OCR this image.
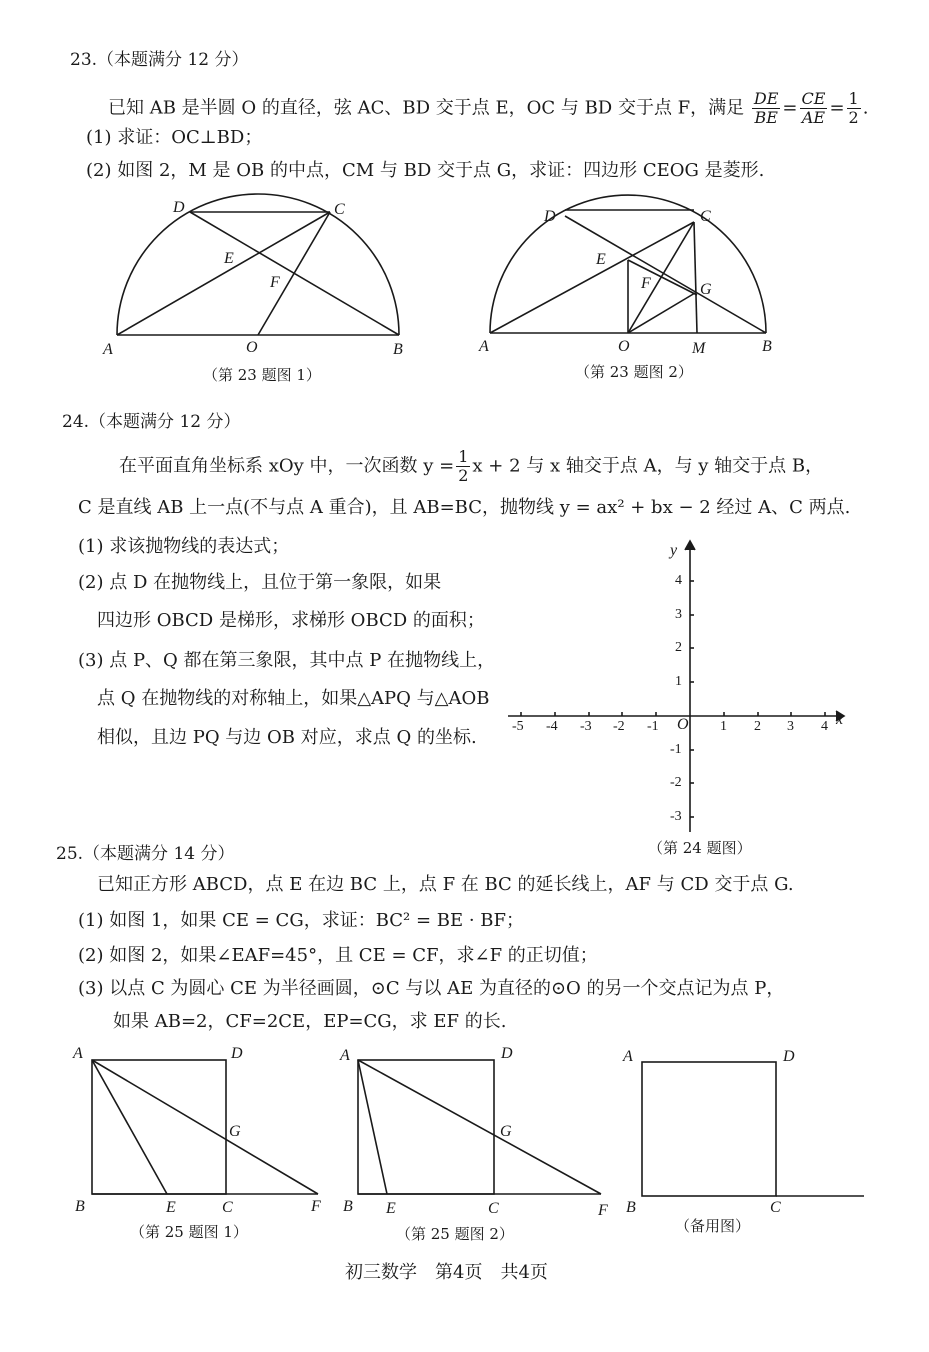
23.（本题满分 12 分）
已知 AB 是半圆 O 的直径，弦 AC、BD 交于点 E，OC 与 BD 交于点 F，满足 $\frac{DE}{BE} = \frac{CE}{AE} = \frac{1}{2}$ .
(1) 求证：OC⊥BD；
(2) 如图 2，M 是 OB 的中点，CM 与 BD 交于点 G，求证：四边形 CEOG 是菱形.
D	C
E
F
A	O	B
（第 23 题图 1）
D	C
E
F	G
A	O	M	B
（第 23 题图 2）
24.（本题满分 12 分）
在平面直角坐标系 xOy 中，一次函数 $y = \frac{1}{2}$ x + 2 与 x 轴交于点 A，与 y 轴交于点 B，
C 是直线 AB 上一点(不与点 A 重合)，且 AB=BC，抛物线 y = ax² + bx − 2 经过 A、C 两点.
(1) 求该抛物线的表达式；
(2) 点 D 在抛物线上，且位于第一象限，如果
四边形 OBCD 是梯形，求梯形 OBCD 的面积；
(3) 点 P、Q 都在第三象限，其中点 P 在抛物线上，
点 Q 在抛物线的对称轴上，如果△APQ 与△AOB
相似，且边 PQ 与边 OB 对应，求点 Q 的坐标.
y
x
O
-5 -4 -3 -2 -1	1 2 3 4
4
3
2
1
-1
-2
-3
（第 24 题图）
25.（本题满分 14 分）
已知正方形 ABCD，点 E 在边 BC 上，点 F 在 BC 的延长线上，AF 与 CD 交于点 G.
(1) 如图 1，如果 CE = CG，求证：BC² = BE · BF；
(2) 如图 2，如果∠EAF=45°，且 CE = CF，求∠F 的正切值；
(3) 以点 C 为圆心 CE 为半径画圆，⊙C 与以 AE 为直径的⊙O 的另一个交点记为点 P，
如果 AB=2，CF=2CE，EP=CG，求 EF 的长.
A	D
G
B	E	C	F
（第 25 题图 1）
A	D
G
B E	C	F
（第 25 题图 2）
A	D
B	C
（备用图）
初三数学　第4页　共4页
